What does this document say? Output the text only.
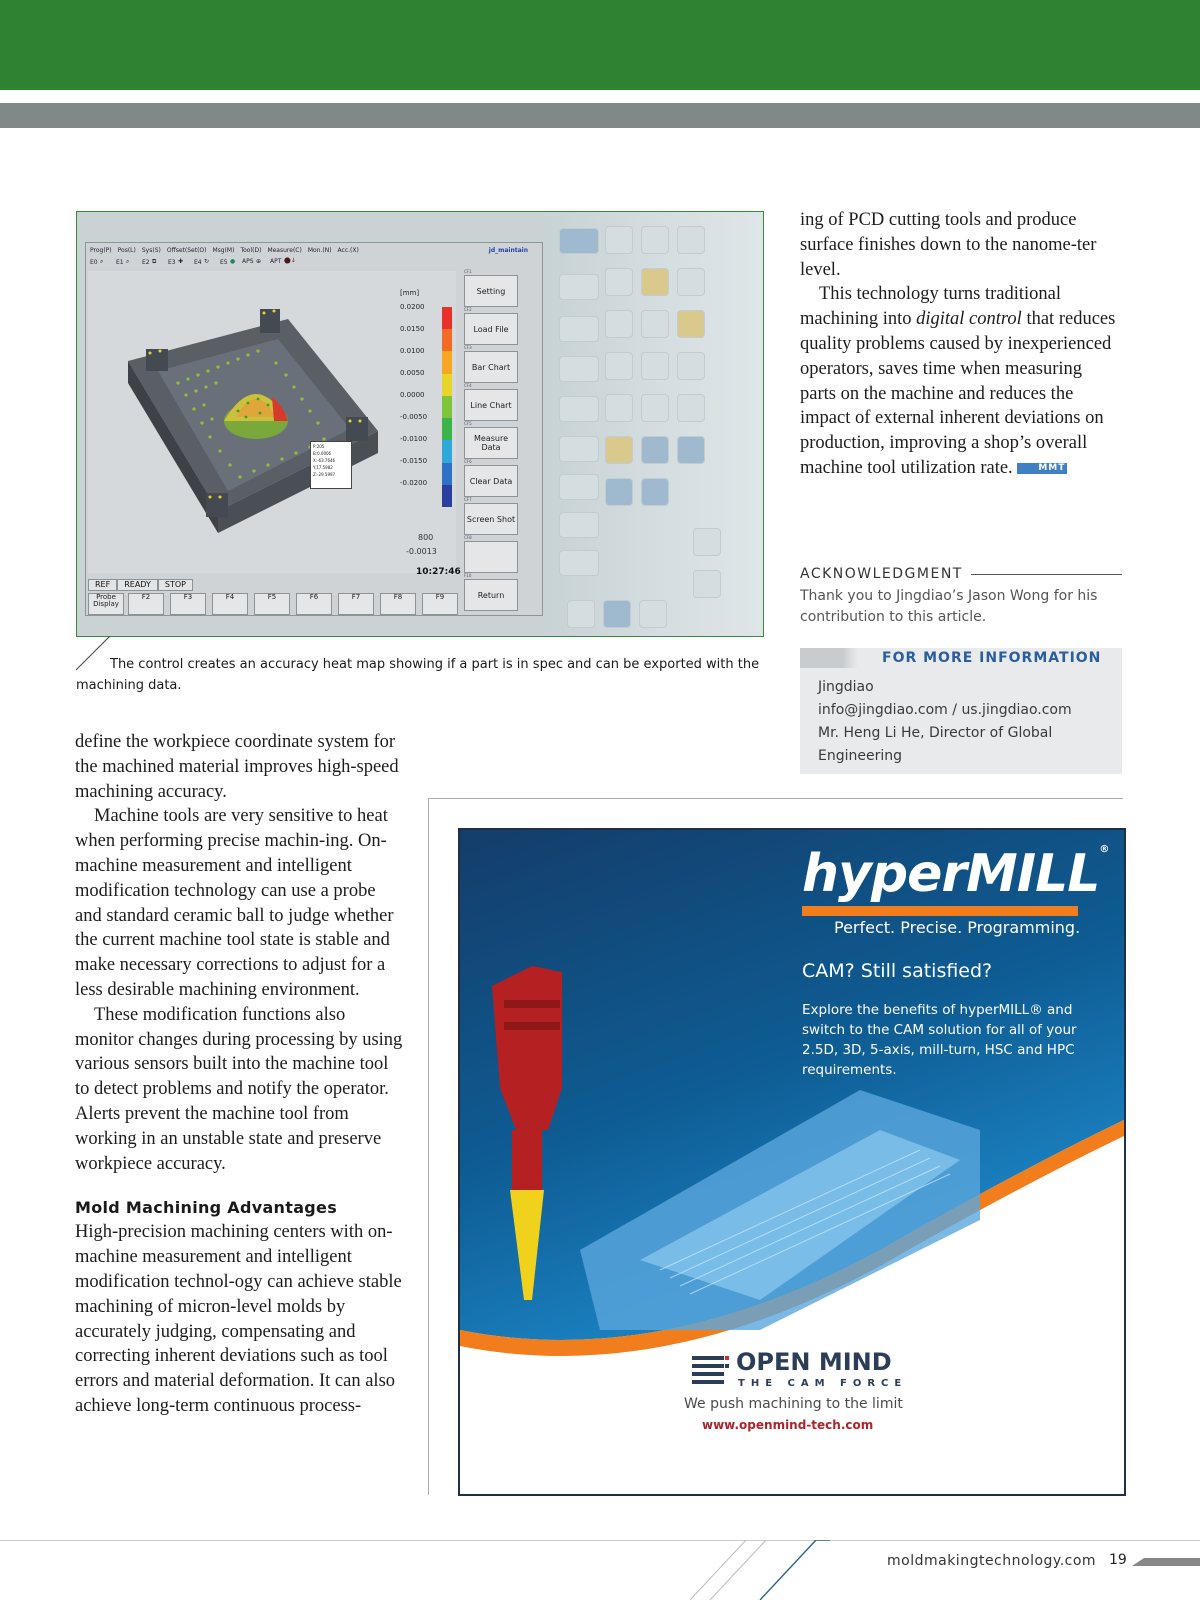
Prog(P) Pos(L) Sys(S) Offset(Set(O) Msg(M) Tool(D) Measure(C) Mon.(N) Acc.(X)	jd_maintain
E0 ⌕ E1 ⌕ E2 ⧉ E3 ✚ E4 ↻ E5 ● APS ⊕ APT ⬤↓
P:205
B:0.0006
X:-63.7646
Y:17.5982
Z:-29.5997
[mm]
0.0200
0.0150
0.0100
0.0050
0.0000
-0.0050
-0.0100
-0.0150
-0.0200
800
-0.0013
CF1
Setting
CF2
Load File
CF3
Bar Chart
CF4
Line Chart
CF5
Measure Data
CF6
Clear Data
CF7
Screen Shot
CF8
F10
Return
10:27:46
REF	READY	STOP
Probe Display
F2	F3	F4	F5	F6	F7	F8	F9
The control creates an accuracy heat map showing if a part is in spec and can be exported with the machining data.

define the workpiece coordinate system for the machined material improves high-speed machining accuracy.

Machine tools are very sensitive to heat when performing precise machin-ing. On-machine measurement and intelligent modification technology can use a probe and standard ceramic ball to judge whether the current machine tool state is stable and make necessary corrections to adjust for a less desirable machining environment.

These modification functions also monitor changes during processing by using various sensors built into the machine tool to detect problems and notify the operator. Alerts prevent the machine tool from working in an unstable state and preserve workpiece accuracy.

Mold Machining Advantages

High-precision machining centers with on-machine measurement and intelligent modification technol-ogy can achieve stable machining of micron-level molds by accurately judging, compensating and correcting inherent deviations such as tool errors and material deformation. It can also achieve long-term continuous process-

ing of PCD cutting tools and produce surface finishes down to the nanome-ter level.

This technology turns traditional machining into digital control that reduces quality problems caused by inexperienced operators, saves time when measuring parts on the machine and reduces the impact of external inherent deviations on production, improving a shop’s overall machine tool utilization rate.	MMT

ACKNOWLEDGMENT
Thank you to Jingdiao’s Jason Wong for his contribution to this article.
FOR MORE INFORMATION
Jingdiao
info@jingdiao.com / us.jingdiao.com
Mr. Heng Li He, Director of Global
Engineering
hyperMILL®
Perfect. Precise. Programming.
CAM? Still satisfied?
Explore the benefits of hyperMILL® and switch to the CAM solution for all of your 2.5D, 3D, 5-axis, mill-turn, HSC and HPC requirements.
OPEN MIND
THE CAM FORCE
We push machining to the limit
www.openmind-tech.com
moldmakingtechnology.com 19
